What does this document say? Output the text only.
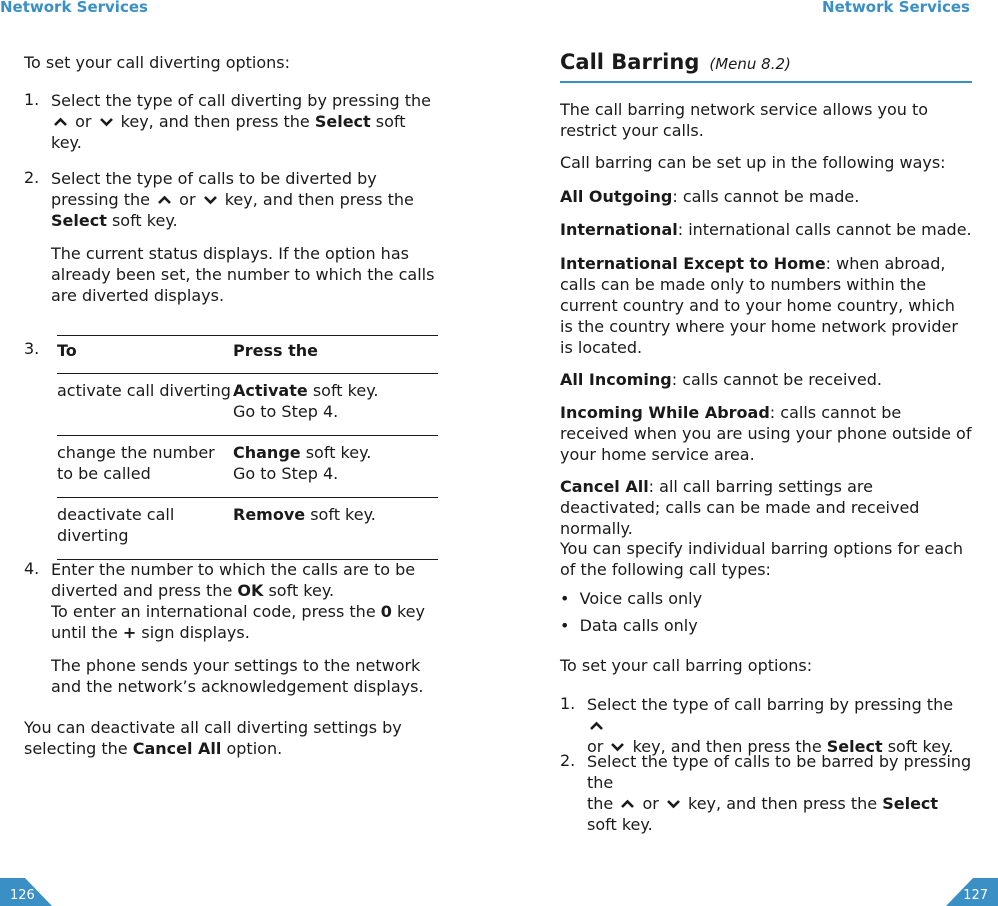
Network Services	Network Services

To set your call diverting options:

1. Select the type of call diverting by pressing the
or key, and then press the Select soft key.

2. Select the type of calls to be diverted by pressing the or key, and then press the
Select soft key.

The current status displays. If the option has already been set, the number to which the calls are diverted displays.

3. To	Press the
activate call diverting	Activate soft key.
Go to Step 4.
change the number to be called	Change soft key.
Go to Step 4.
deactivate call diverting	Remove soft key.
4. Enter the number to which the calls are to be diverted and press the OK soft key.
To enter an international code, press the 0 key until the + sign displays.

The phone sends your settings to the network and the network’s acknowledgement displays.

You can deactivate all call diverting settings by selecting the Cancel All option.

126
Call Barring (Menu 8.2)

The call barring network service allows you to restrict your calls.

Call barring can be set up in the following ways:

All Outgoing: calls cannot be made.

International: international calls cannot be made.

International Except to Home: when abroad, calls can be made only to numbers within the current country and to your home country, which is the country where your home network provider is located.

All Incoming: calls cannot be received.

Incoming While Abroad: calls cannot be received when you are using your phone outside of your home service area.

Cancel All: all call barring settings are deactivated; calls can be made and received normally.

You can specify individual barring options for each of the following call types:

• Voice calls only

• Data calls only

To set your call barring options:

1. Select the type of call barring by pressing the
or key, and then press the Select soft key.

2. Select the type of calls to be barred by pressing the
the or key, and then press the Select soft key.

127
